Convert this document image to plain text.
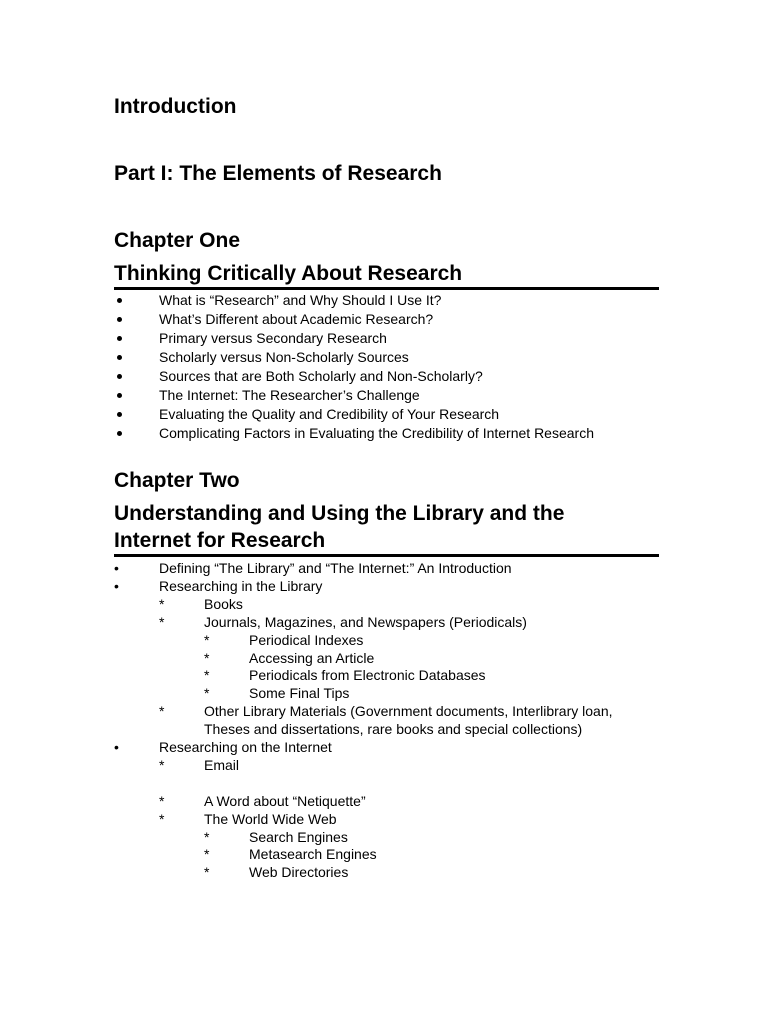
Introduction
Part I: The Elements of Research
Chapter One
Thinking Critically About Research
What is “Research” and Why Should I Use It?
What’s Different about Academic Research?
Primary versus Secondary Research
Scholarly versus Non-Scholarly Sources
Sources that are Both Scholarly and Non-Scholarly?
The Internet: The Researcher’s Challenge
Evaluating the Quality and Credibility of Your Research
Complicating Factors in Evaluating the Credibility of Internet Research
Chapter Two
Understanding and Using the Library and the
Internet for Research
•	Defining “The Library” and “The Internet:” An Introduction
•	Researching in the Library
*	Books
*	Journals, Magazines, and Newspapers (Periodicals)
*	Periodical Indexes
*	Accessing an Article
*	Periodicals from Electronic Databases
*	Some Final Tips
*	Other Library Materials (Government documents, Interlibrary loan,
Theses and dissertations, rare books and special collections)
•	Researching on the Internet
*	Email
*	A Word about “Netiquette”
*	The World Wide Web
*	Search Engines
*	Metasearch Engines
*	Web Directories
